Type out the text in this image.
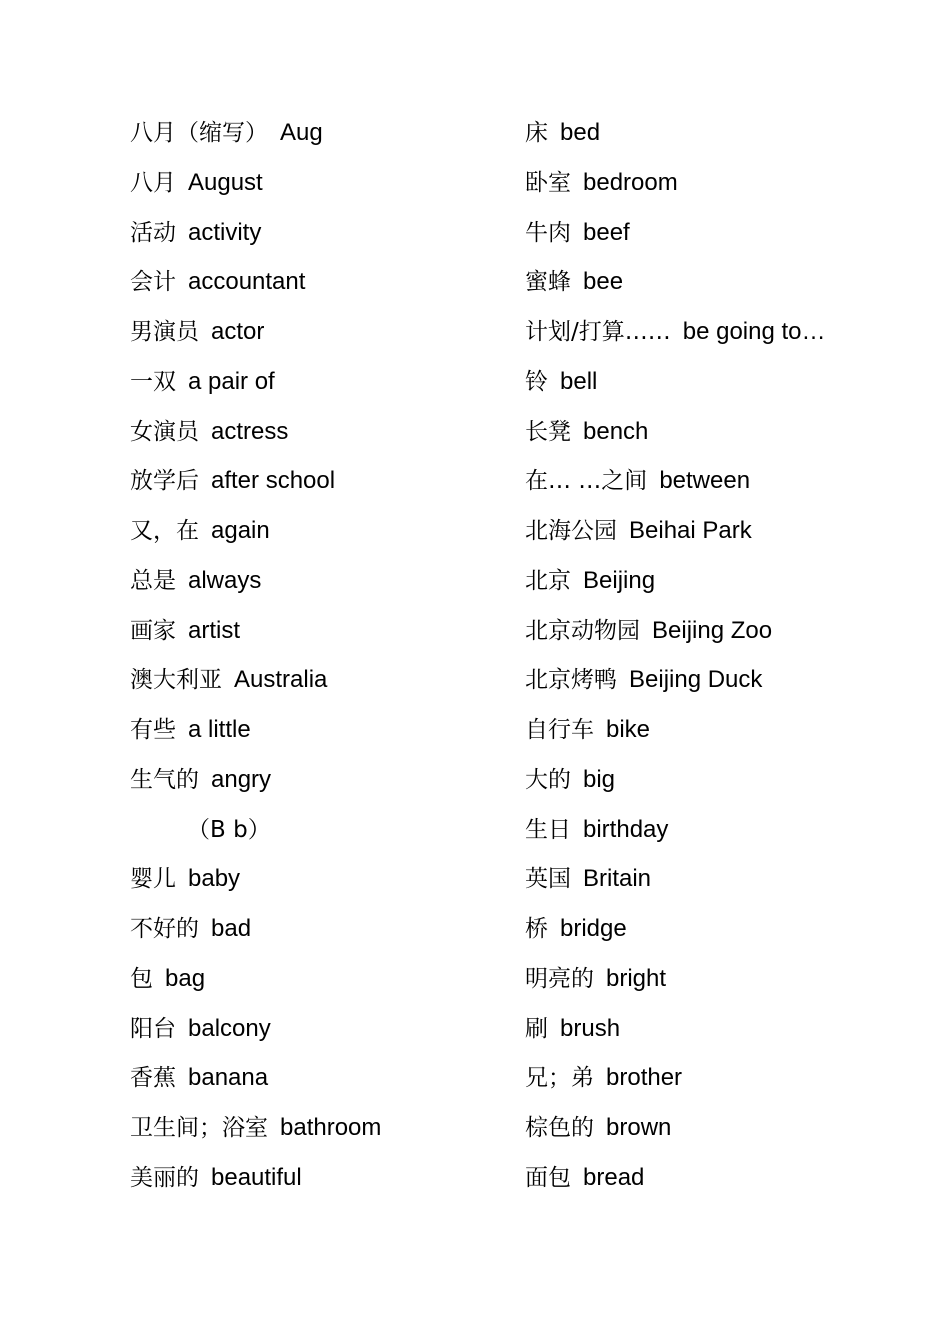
八月（缩写） Aug
八月 August
活动 activity
会计 accountant
男演员 actor
一双 a pair of
女演员 actress
放学后 after school
又，在 again
总是 always
画家 artist
澳大利亚 Australia
有些 a little
生气的 angry
（B b）
婴儿 baby
不好的 bad
包 bag
阳台 balcony
香蕉 banana
卫生间；浴室 bathroom
美丽的 beautiful
床 bed
卧室 bedroom
牛肉 beef
蜜蜂 bee
计划/打算…… be going to…
铃 bell
长凳 bench
在… …之间 between
北海公园 Beihai Park
北京 Beijing
北京动物园 Beijing Zoo
北京烤鸭 Beijing Duck
自行车 bike
大的 big
生日 birthday
英国 Britain
桥 bridge
明亮的 bright
刷 brush
兄；弟 brother
棕色的 brown
面包 bread
